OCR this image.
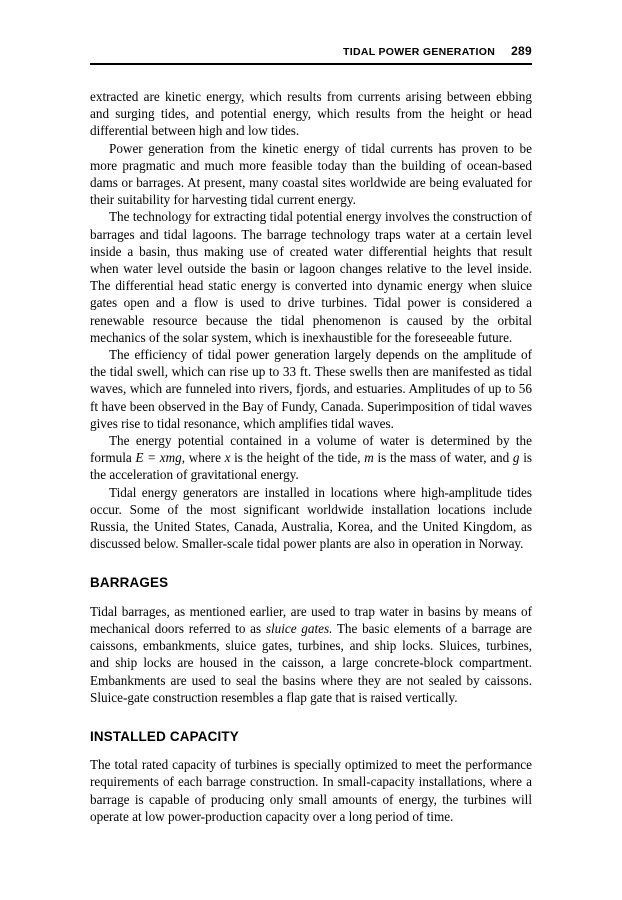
TIDAL POWER GENERATION 289

extracted are kinetic energy, which results from currents arising between ebbing and surging tides, and potential energy, which results from the height or head differential between high and low tides.

Power generation from the kinetic energy of tidal currents has proven to be more pragmatic and much more feasible today than the building of ocean-based dams or barrages. At present, many coastal sites worldwide are being evaluated for their suitability for harvesting tidal current energy.

The technology for extracting tidal potential energy involves the construction of barrages and tidal lagoons. The barrage technology traps water at a certain level inside a basin, thus making use of created water differential heights that result when water level outside the basin or lagoon changes relative to the level inside. The differential head static energy is converted into dynamic energy when sluice gates open and a flow is used to drive turbines. Tidal power is considered a renewable resource because the tidal phenomenon is caused by the orbital mechanics of the solar system, which is inexhaustible for the foreseeable future.

The efficiency of tidal power generation largely depends on the amplitude of the tidal swell, which can rise up to 33 ft. These swells then are manifested as tidal waves, which are funneled into rivers, fjords, and estuaries. Amplitudes of up to 56 ft have been observed in the Bay of Fundy, Canada. Superimposition of tidal waves gives rise to tidal resonance, which amplifies tidal waves.

The energy potential contained in a volume of water is determined by the formula E = xmg, where x is the height of the tide, m is the mass of water, and g is the acceleration of gravitational energy.

Tidal energy generators are installed in locations where high-amplitude tides occur. Some of the most significant worldwide installation locations include Russia, the United States, Canada, Australia, Korea, and the United Kingdom, as discussed below. Smaller-scale tidal power plants are also in operation in Norway.

BARRAGES

Tidal barrages, as mentioned earlier, are used to trap water in basins by means of mechanical doors referred to as sluice gates. The basic elements of a barrage are caissons, embankments, sluice gates, turbines, and ship locks. Sluices, turbines, and ship locks are housed in the caisson, a large concrete-block compartment. Embankments are used to seal the basins where they are not sealed by caissons. Sluice-gate construction resembles a flap gate that is raised vertically.

INSTALLED CAPACITY

The total rated capacity of turbines is specially optimized to meet the performance requirements of each barrage construction. In small-capacity installations, where a barrage is capable of producing only small amounts of energy, the turbines will operate at low power-production capacity over a long period of time.
